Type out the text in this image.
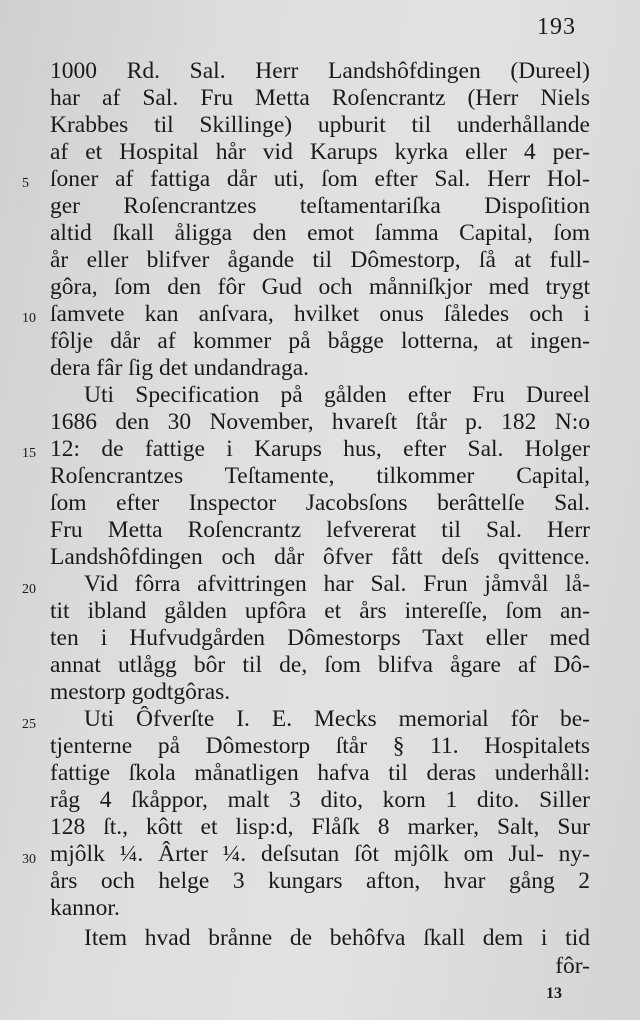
193
1000 Rd. Sal. Herr Landshôfdingen (Dureel)
har af Sal. Fru Metta Roſencrantz (Herr Niels
Krabbes til Skillinge) upburit til underhållande
af et Hospital hår vid Karups kyrka eller 4 per-
ſoner af fattiga dår uti, ſom efter Sal. Herr Hol-
ger Roſencrantzes teſtamentariſka Dispoſition
altid ſkall åligga den emot ſamma Capital, ſom
år eller blifver ågande til Dômestorp, ſå at full-
gôra, ſom den fôr Gud och månniſkjor med trygt
ſamvete kan anſvara, hvilket onus ſåledes och i
fôlje dår af kommer på bågge lotterna, at ingen-
dera fâr ſig det undandraga.
Uti Specification på gålden efter Fru Dureel
1686 den 30 November, hvareſt ſtår p. 182 N:o
12: de fattige i Karups hus, efter Sal. Holger
Roſencrantzes Teſtamente, tilkommer Capital,
ſom efter Inspector Jacobsſons berâttelſe Sal.
Fru Metta Roſencrantz lefvererat til Sal. Herr
Landshôfdingen och dår ôfver fått deſs qvittence.
Vid fôrra afvittringen har Sal. Frun jåmvål lå-
tit ibland gålden upfôra et års intereſſe, ſom an-
ten i Hufvudgården Dômestorps Taxt eller med
annat utlågg bôr til de, ſom blifva ågare af Dô-
mestorp godtgôras.
Uti Ôfverſte I. E. Mecks memorial fôr be-
tjenterne på Dômestorp ſtår § 11. Hospitalets
fattige ſkola månatligen hafva til deras underhåll:
råg 4 ſkåppor, malt 3 dito, korn 1 dito. Siller
128 ſt., kôtt et lisp:d, Flåſk 8 marker, Salt, Sur
mjôlk ¼. Ârter ¼. deſsutan ſôt mjôlk om Jul- ny-
års och helge 3 kungars afton, hvar gång 2
kannor.
Item hvad brånne de behôfva ſkall dem i tid
fôr-
5
10
15
20
25
30
13
